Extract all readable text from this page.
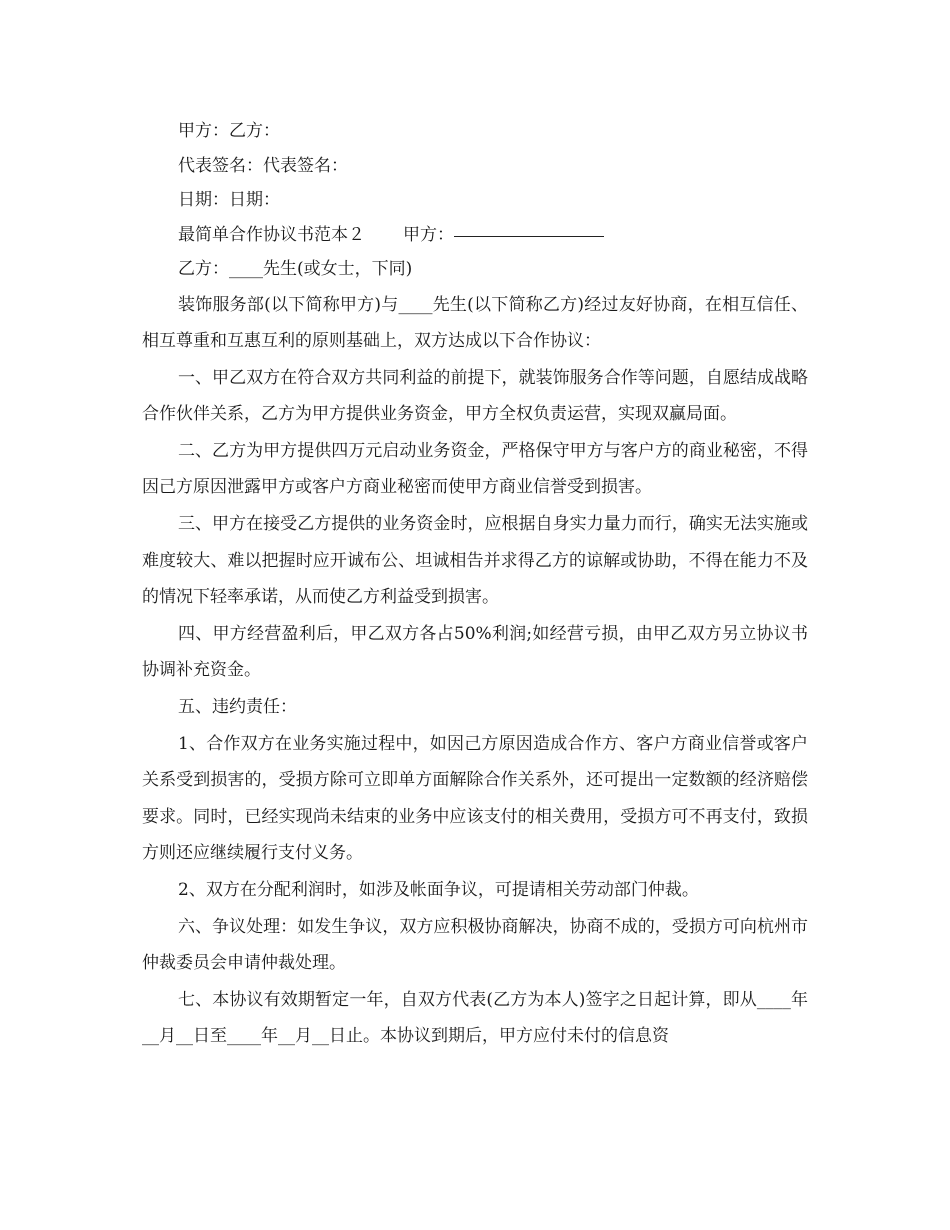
甲方：乙方：
代表签名：代表签名：
日期：日期：
最简单合作协议书范本２ 甲方：
乙方：____先生(或女士，下同)

装饰服务部(以下简称甲方)与____先生(以下简称乙方)经过友好协商，在相互信任、相互尊重和互惠互利的原则基础上，双方达成以下合作协议：

一、甲乙双方在符合双方共同利益的前提下，就装饰服务合作等问题，自愿结成战略合作伙伴关系，乙方为甲方提供业务资金，甲方全权负责运营，实现双赢局面。

二、乙方为甲方提供四万元启动业务资金，严格保守甲方与客户方的商业秘密，不得因己方原因泄露甲方或客户方商业秘密而使甲方商业信誉受到损害。

三、甲方在接受乙方提供的业务资金时，应根据自身实力量力而行，确实无法实施或难度较大、难以把握时应开诚布公、坦诚相告并求得乙方的谅解或协助，不得在能力不及的情况下轻率承诺，从而使乙方利益受到损害。

四、甲方经营盈利后，甲乙双方各占50%利润;如经营亏损，由甲乙双方另立协议书协调补充资金。

五、违约责任：

1、合作双方在业务实施过程中，如因己方原因造成合作方、客户方商业信誉或客户关系受到损害的，受损方除可立即单方面解除合作关系外，还可提出一定数额的经济赔偿要求。同时，已经实现尚未结束的业务中应该支付的相关费用，受损方可不再支付，致损方则还应继续履行支付义务。

2、双方在分配利润时，如涉及帐面争议，可提请相关劳动部门仲裁。

六、争议处理：如发生争议，双方应积极协商解决，协商不成的，受损方可向杭州市仲裁委员会申请仲裁处理。

七、本协议有效期暂定一年，自双方代表(乙方为本人)签字之日起计算，即从____年__月__日至____年__月__日止。本协议到期后，甲方应付未付的信息资
